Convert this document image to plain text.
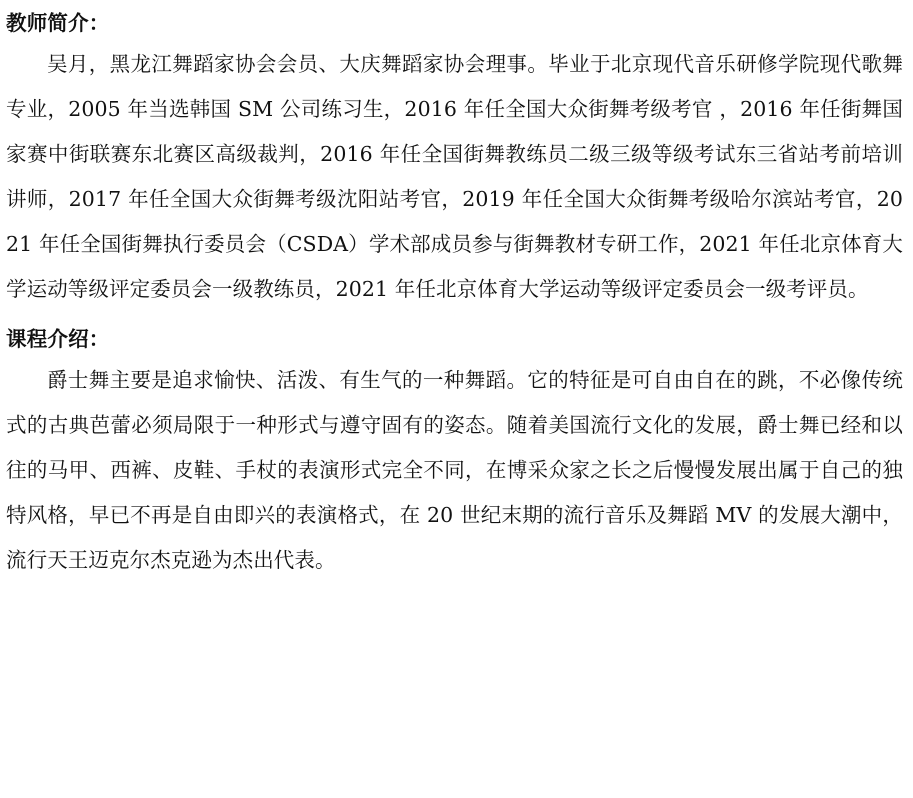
教师简介：

吴月，黑龙江舞蹈家协会会员、大庆舞蹈家协会理事。毕业于北京现代音乐研修学院现代歌舞专业，2005 年当选韩国 SM 公司练习生，2016 年任全国大众街舞考级考官 ，2016 年任街舞国家赛中街联赛东北赛区高级裁判，2016 年任全国街舞教练员二级三级等级考试东三省站考前培训讲师，2017 年任全国大众街舞考级沈阳站考官，2019 年任全国大众街舞考级哈尔滨站考官，2021 年任全国街舞执行委员会（CSDA）学术部成员参与街舞教材专研工作，2021 年任北京体育大学运动等级评定委员会一级教练员，2021 年任北京体育大学运动等级评定委员会一级考评员。

课程介绍：

爵士舞主要是追求愉快、活泼、有生气的一种舞蹈。它的特征是可自由自在的跳，不必像传统式的古典芭蕾必须局限于一种形式与遵守固有的姿态。随着美国流行文化的发展，爵士舞已经和以往的马甲、西裤、皮鞋、手杖的表演形式完全不同，在博采众家之长之后慢慢发展出属于自己的独特风格，早已不再是自由即兴的表演格式，在 20 世纪末期的流行音乐及舞蹈 MV 的发展大潮中，流行天王迈克尔杰克逊为杰出代表。
